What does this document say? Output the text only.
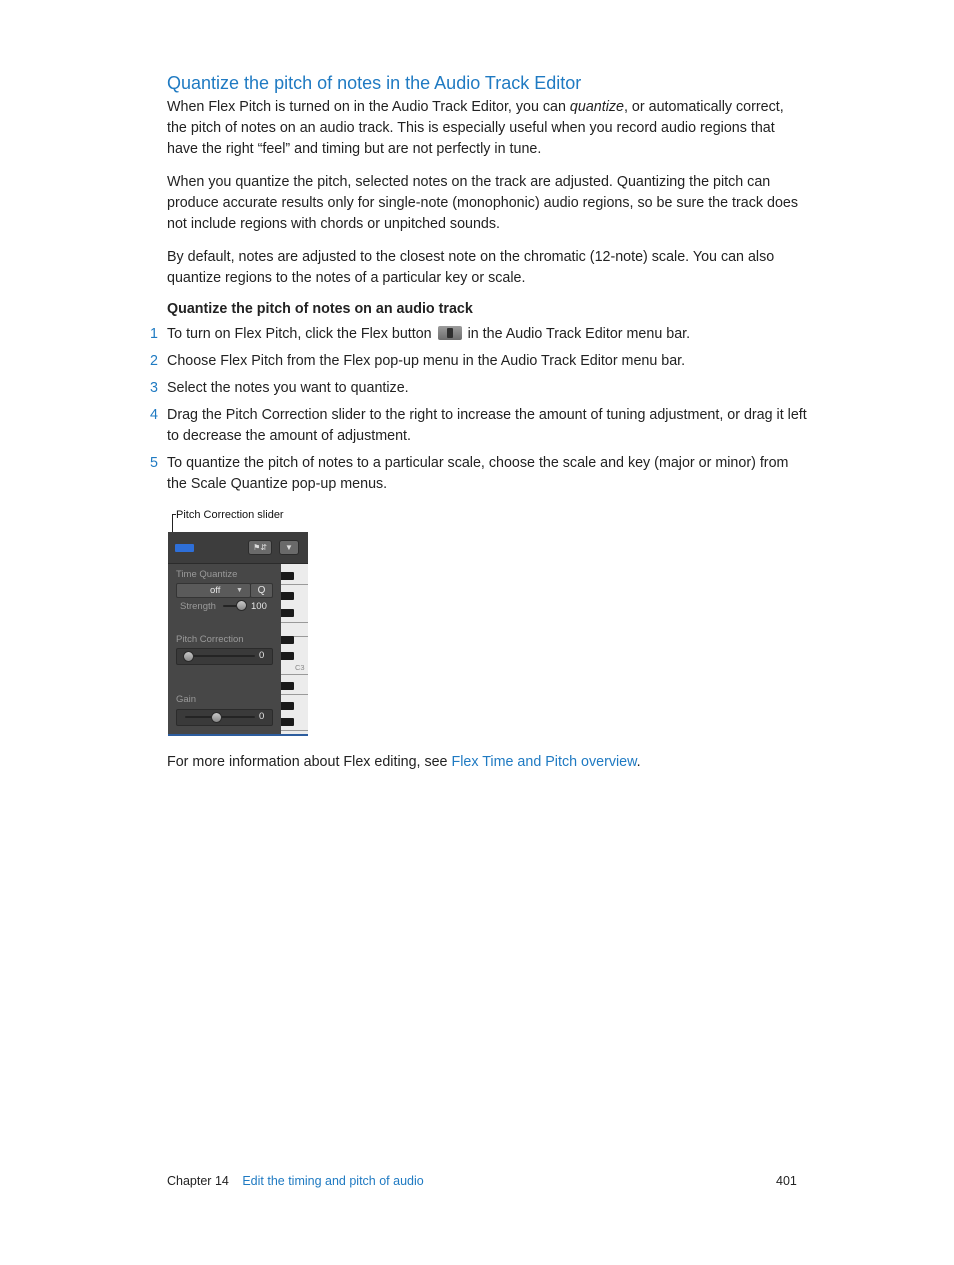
Quantize the pitch of notes in the Audio Track Editor
When Flex Pitch is turned on in the Audio Track Editor, you can quantize, or automatically correct, the pitch of notes on an audio track. This is especially useful when you record audio regions that have the right “feel” and timing but are not perfectly in tune.
When you quantize the pitch, selected notes on the track are adjusted. Quantizing the pitch can produce accurate results only for single-note (monophonic) audio regions, so be sure the track does not include regions with chords or unpitched sounds.
By default, notes are adjusted to the closest note on the chromatic (12-note) scale. You can also quantize regions to the notes of a particular key or scale.
Quantize the pitch of notes on an audio track
1 To turn on Flex Pitch, click the Flex button  in the Audio Track Editor menu bar.
2 Choose Flex Pitch from the Flex pop-up menu in the Audio Track Editor menu bar.
3 Select the notes you want to quantize.
4 Drag the Pitch Correction slider to the right to increase the amount of tuning adjustment, or drag it left to decrease the amount of adjustment.
5 To quantize the pitch of notes to a particular scale, choose the scale and key (major or minor) from the Scale Quantize pop-up menus.
Pitch Correction slider
⚑⇵	▼
Time Quantize
off ▼	Q
Strength	100
Pitch Correction
0
Gain
0
C3
For more information about Flex editing, see Flex Time and Pitch overview.
Chapter 14 Edit the timing and pitch of audio	401
